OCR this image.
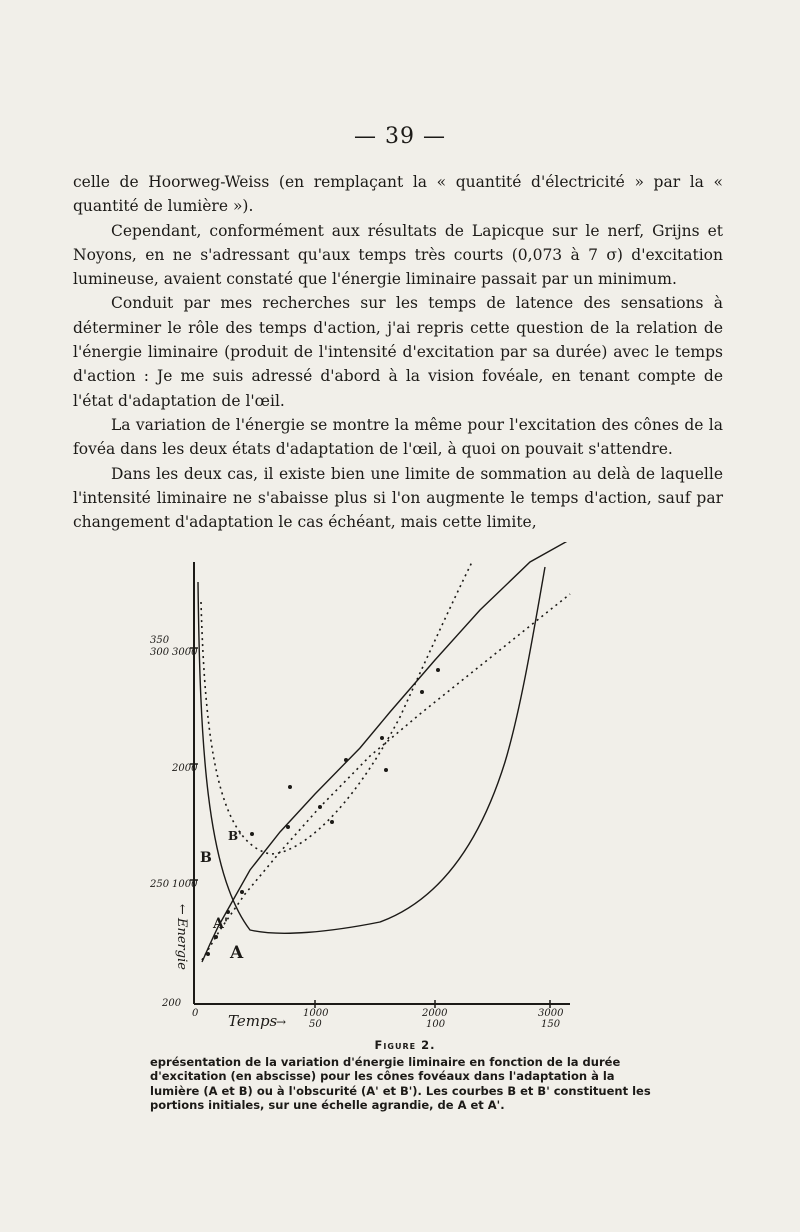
— 39 —

celle de Hoorweg-Weiss (en remplaçant la « quantité d'électricité » par la « quantité de lumière »).

Cependant, conformément aux résultats de Lapicque sur le nerf, Grijns et Noyons, en ne s'adressant qu'aux temps très courts (0,073 à 7 σ) d'excitation lumineuse, avaient constaté que l'énergie liminaire passait par un minimum.

Conduit par mes recherches sur les temps de latence des sensations à déterminer le rôle des temps d'action, j'ai repris cette question de la relation de l'énergie liminaire (produit de l'intensité d'excitation par sa durée) avec le temps d'action : Je me suis adressé d'abord à la vision fovéale, en tenant compte de l'état d'adaptation de l'œil.

La variation de l'énergie se montre la même pour l'excitation des cônes de la fovéa dans les deux états d'adaptation de l'œil, à quoi on pouvait s'attendre.

Dans les deux cas, il existe bien une limite de sommation au delà de laquelle l'intensité liminaire ne s'abaisse plus si l'on augmente le temps d'action, sauf par changement d'adaptation le cas échéant, mais cette limite,

350
300 3000
250 1000
2000
200
0	1000
50
2000
100
3000
150
Temps
→
↑
Energie
B'
B
A'
A
Figure 2.
eprésentation de la variation d'énergie liminaire en fonction de la durée d'excitation (en abscisse) pour les cônes fovéaux dans l'adaptation à la lumière (A et B) ou à l'obscurité (A' et B'). Les courbes B et B' constituent les portions initiales, sur une échelle agrandie, de A et A'.
